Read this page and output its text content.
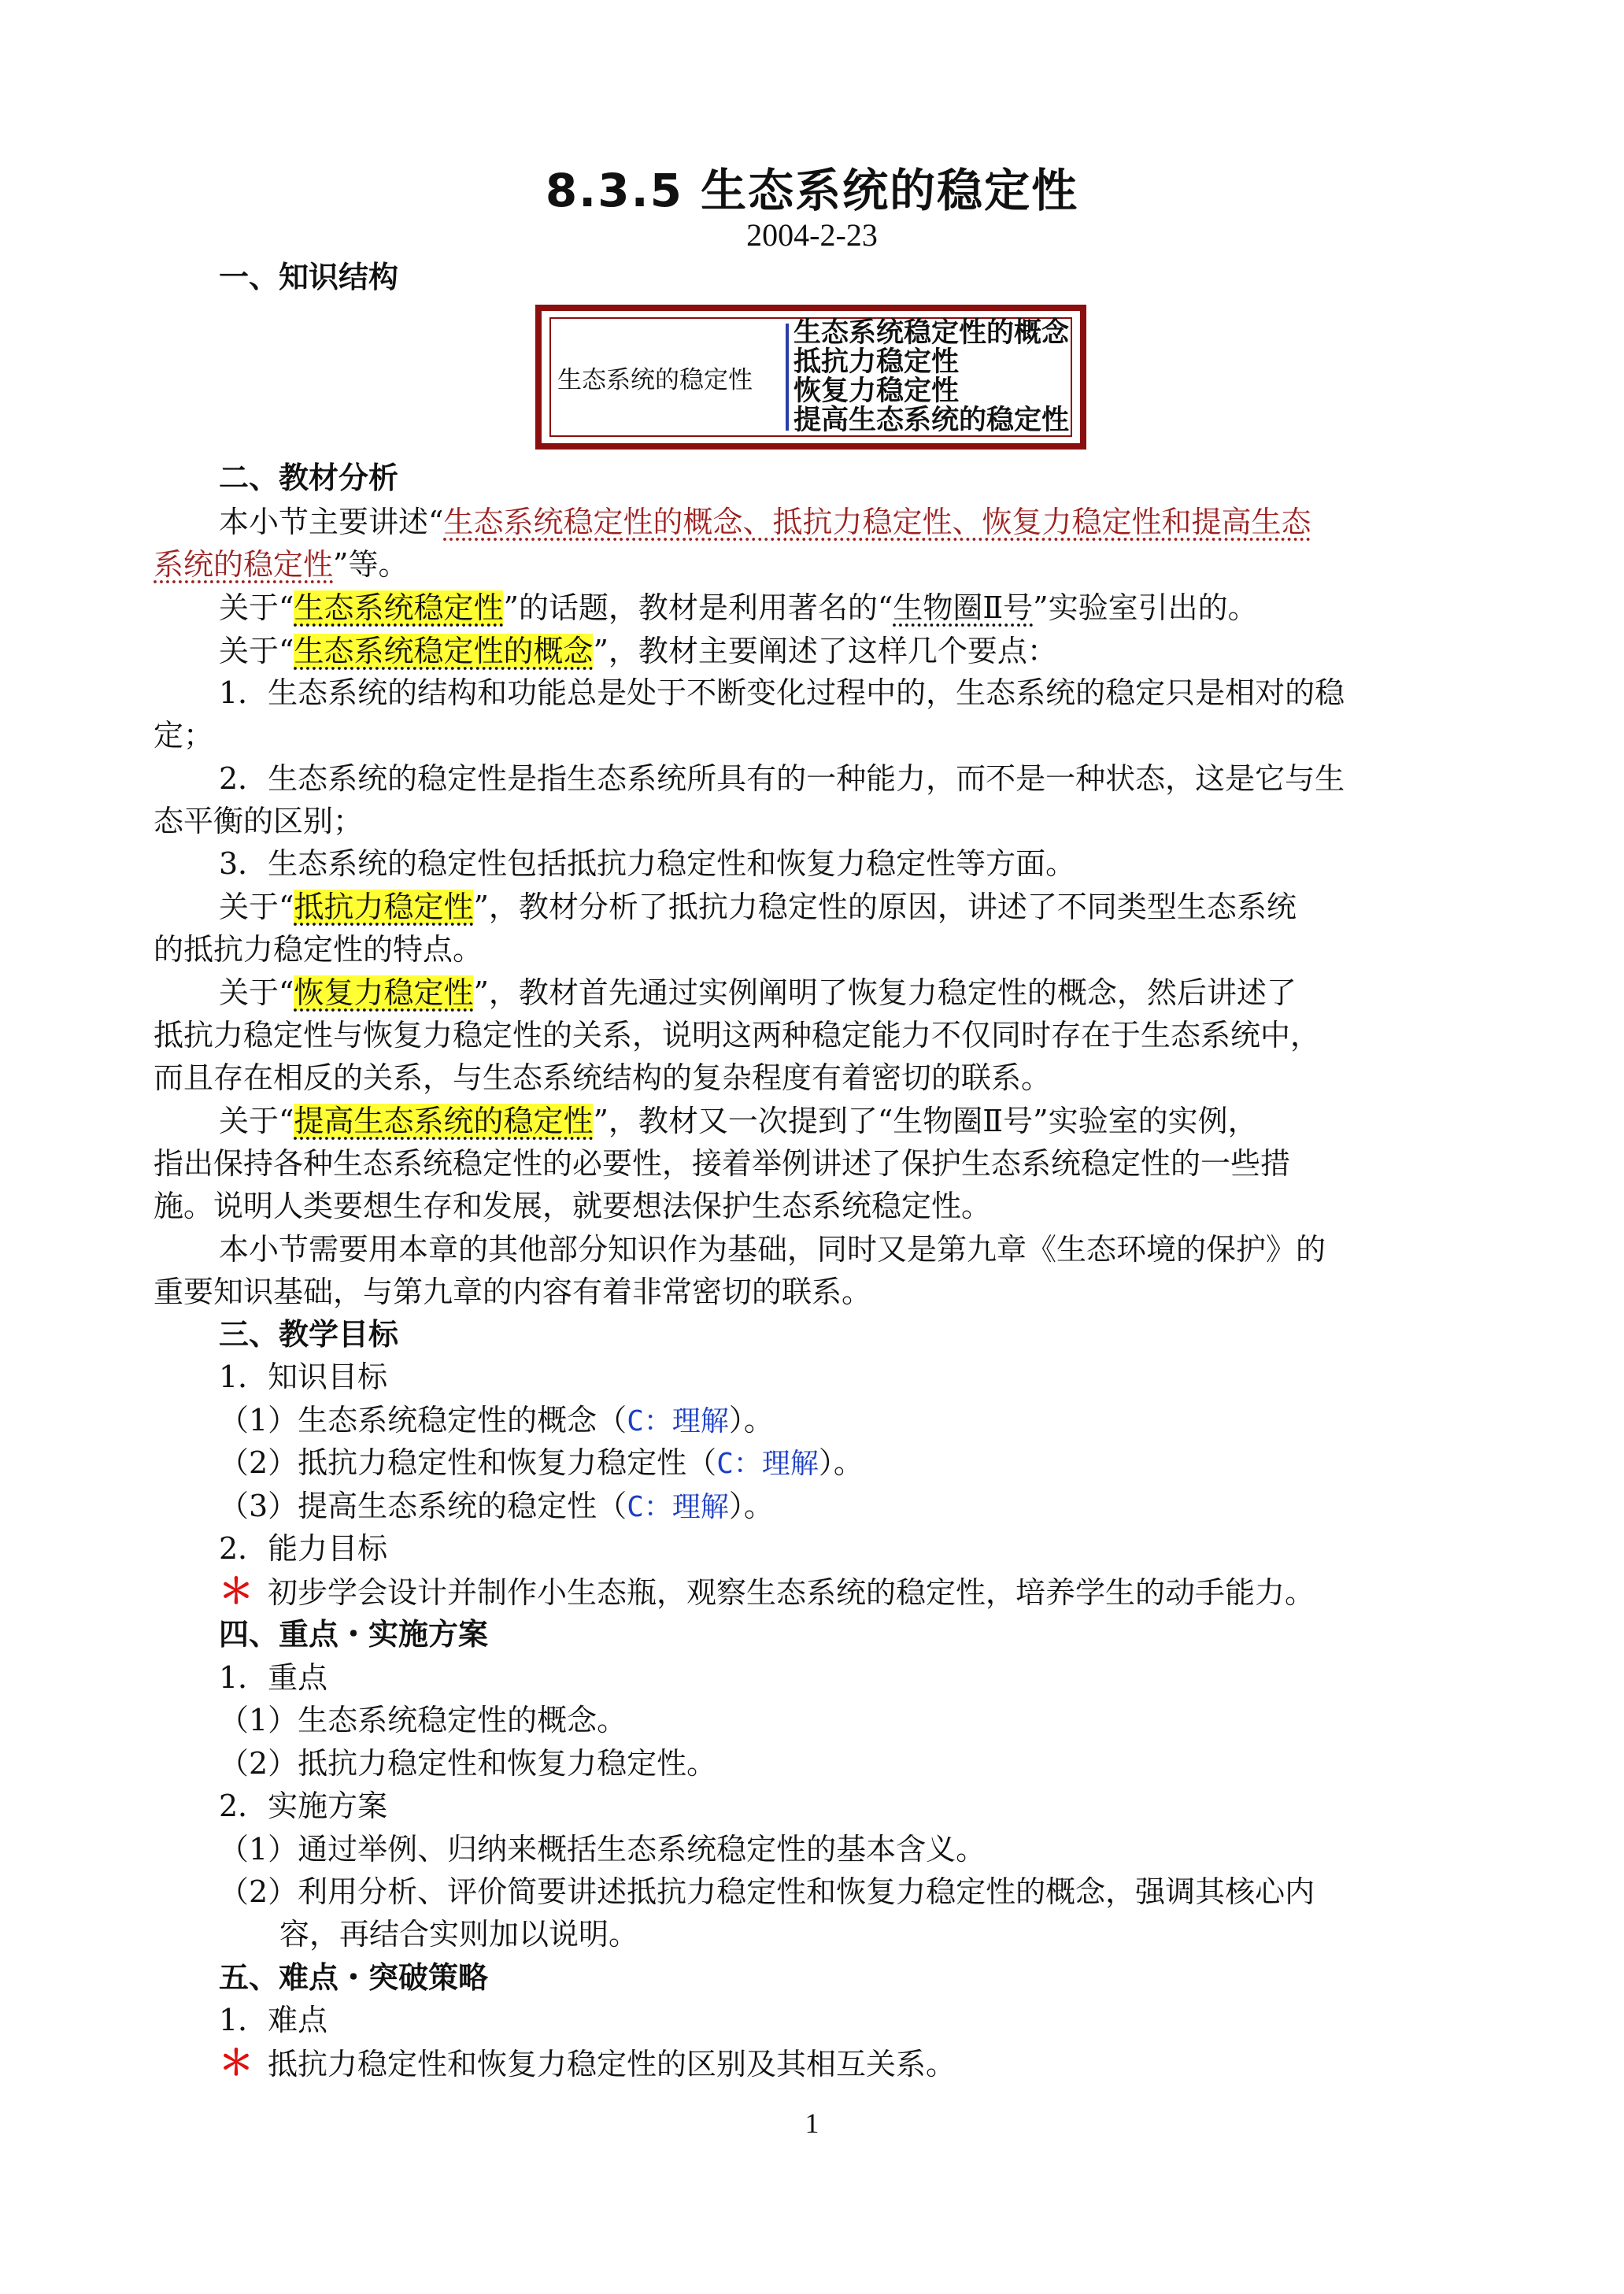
8.3.5 生态系统的稳定性
2004-2-23
一、知识结构
生态系统的稳定性
生态系统稳定性的概念
抵抗力稳定性
恢复力稳定性
提高生态系统的稳定性
二、教材分析
本小节主要讲述“生态系统稳定性的概念、抵抗力稳定性、恢复力稳定性和提高生态
系统的稳定性”等。
关于“生态系统稳定性”的话题，教材是利用著名的“生物圈Ⅱ号”实验室引出的。
关于“生态系统稳定性的概念”，教材主要阐述了这样几个要点：
1．生态系统的结构和功能总是处于不断变化过程中的，生态系统的稳定只是相对的稳
定；
2．生态系统的稳定性是指生态系统所具有的一种能力，而不是一种状态，这是它与生
态平衡的区别；
3．生态系统的稳定性包括抵抗力稳定性和恢复力稳定性等方面。
关于“抵抗力稳定性”，教材分析了抵抗力稳定性的原因，讲述了不同类型生态系统
的抵抗力稳定性的特点。
关于“恢复力稳定性”，教材首先通过实例阐明了恢复力稳定性的概念，然后讲述了
抵抗力稳定性与恢复力稳定性的关系，说明这两种稳定能力不仅同时存在于生态系统中，
而且存在相反的关系，与生态系统结构的复杂程度有着密切的联系。
关于“提高生态系统的稳定性”，教材又一次提到了“生物圈Ⅱ号”实验室的实例，
指出保持各种生态系统稳定性的必要性，接着举例讲述了保护生态系统稳定性的一些措
施。说明人类要想生存和发展，就要想法保护生态系统稳定性。
本小节需要用本章的其他部分知识作为基础，同时又是第九章《生态环境的保护》的
重要知识基础，与第九章的内容有着非常密切的联系。
三、教学目标
1．知识目标
（1）生态系统稳定性的概念（C：理解）。
（2）抵抗力稳定性和恢复力稳定性（C：理解）。
（3）提高生态系统的稳定性（C：理解）。
2．能力目标
＊ 初步学会设计并制作小生态瓶，观察生态系统的稳定性，培养学生的动手能力。
四、重点・实施方案
1．重点
（1）生态系统稳定性的概念。
（2）抵抗力稳定性和恢复力稳定性。
2．实施方案
（1）通过举例、归纳来概括生态系统稳定性的基本含义。
（2）利用分析、评价简要讲述抵抗力稳定性和恢复力稳定性的概念，强调其核心内
容，再结合实则加以说明。
五、难点・突破策略
1．难点
＊ 抵抗力稳定性和恢复力稳定性的区别及其相互关系。
1
